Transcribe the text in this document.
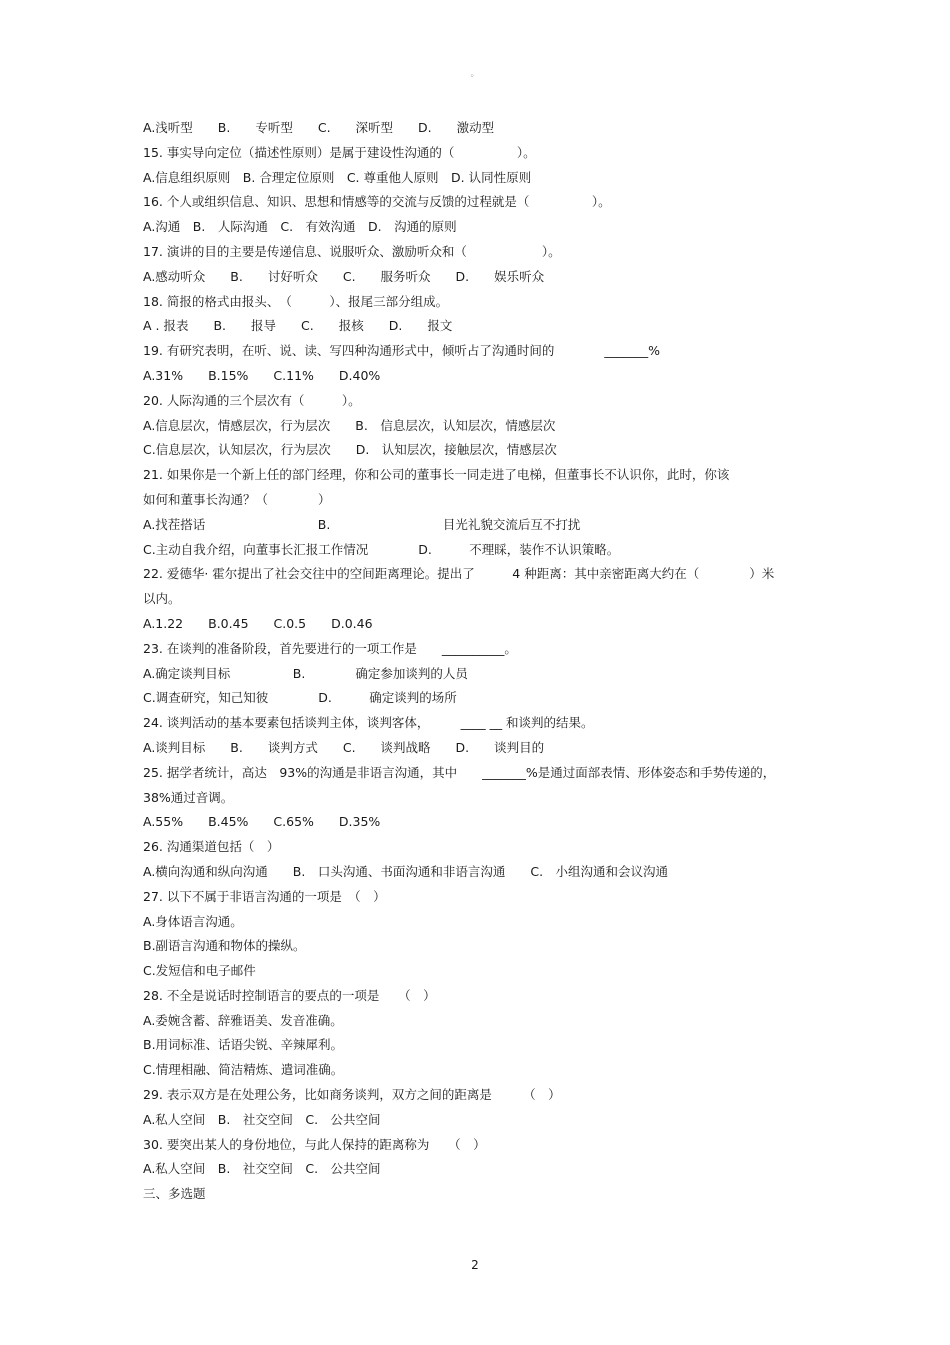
。
A.浅听型　　B.　　专听型　　C.　　深听型　　D.　　激动型
15. 事实导向定位（描述性原则）是属于建设性沟通的（　　　　　）。
A.信息组织原则　B. 合理定位原则　C. 尊重他人原则　D. 认同性原则
16. 个人或组织信息、知识、思想和情感等的交流与反馈的过程就是（　　　　　）。
A.沟通　B.　人际沟通　C.　有效沟通　D.　沟通的原则
17. 演讲的目的主要是传递信息、说服听众、激励听众和（　　　　　　）。
A.感动听众　　B.　　讨好听众　　C.　　服务听众　　D.　　娱乐听众
18. 简报的格式由报头、　（　　　）、报尾三部分组成。
A . 报表　　B.　　报导　　C.　　报核　　D.　　报文
19. 有研究表明，在听、说、读、写四种沟通形式中，倾听占了沟通时间的　　　　_______%
A.31%　　B.15%　　C.11%　　D.40%
20. 人际沟通的三个层次有（　　　）。
A.信息层次，情感层次，行为层次　　B.　信息层次，认知层次，情感层次
C.信息层次，认知层次，行为层次　　D.　认知层次，接触层次，情感层次
21. 如果你是一个新上任的部门经理，你和公司的董事长一同走进了电梯，但董事长不认识你，此时，你该
如何和董事长沟通？（　　　　）
A.找茬搭话　　　　　　　　　B.　　　　　　　　　目光礼貌交流后互不打扰
C.主动自我介绍，向董事长汇报工作情况　　　　D.　　　不理睬，装作不认识策略。
22. 爱德华· 霍尔提出了社会交往中的空间距离理论。提出了　　　4 种距离：其中亲密距离大约在（　　　　）米
以内。
A.1.22　　B.0.45　　C.0.5　　D.0.46
23. 在谈判的准备阶段，首先要进行的一项工作是　　__________。
A.确定谈判目标　　　　　B.　　　　确定参加谈判的人员
C.调查研究，知己知彼　　　　D.　　　确定谈判的场所
24. 谈判活动的基本要素包括谈判主体，谈判客体，　　　____ __ 和谈判的结果。
A.谈判目标　　B.　　谈判方式　　C.　　谈判战略　　D.　　谈判目的
25. 据学者统计，高达　93%的沟通是非语言沟通，其中　　_______%是通过面部表情、形体姿态和手势传递的，
38%通过音调。
A.55%　　B.45%　　C.65%　　D.35%
26. 沟通渠道包括（　）
A.横向沟通和纵向沟通　　B.　口头沟通、书面沟通和非语言沟通　　C.　小组沟通和会议沟通
27. 以下不属于非语言沟通的一项是　（　）
A.身体语言沟通。
B.副语言沟通和物体的操纵。
C.发短信和电子邮件
28. 不全是说话时控制语言的要点的一项是　　（　）
A.委婉含蓄、辞雅语美、发音准确。
B.用词标准、话语尖锐、辛辣犀利。
C.情理相融、简洁精炼、遣词准确。
29. 表示双方是在处理公务，比如商务谈判，双方之间的距离是　　　（　）
A.私人空间　B.　社交空间　C.　公共空间
30. 要突出某人的身份地位，与此人保持的距离称为　　（　）
A.私人空间　B.　社交空间　C.　公共空间
三、多选题
2
